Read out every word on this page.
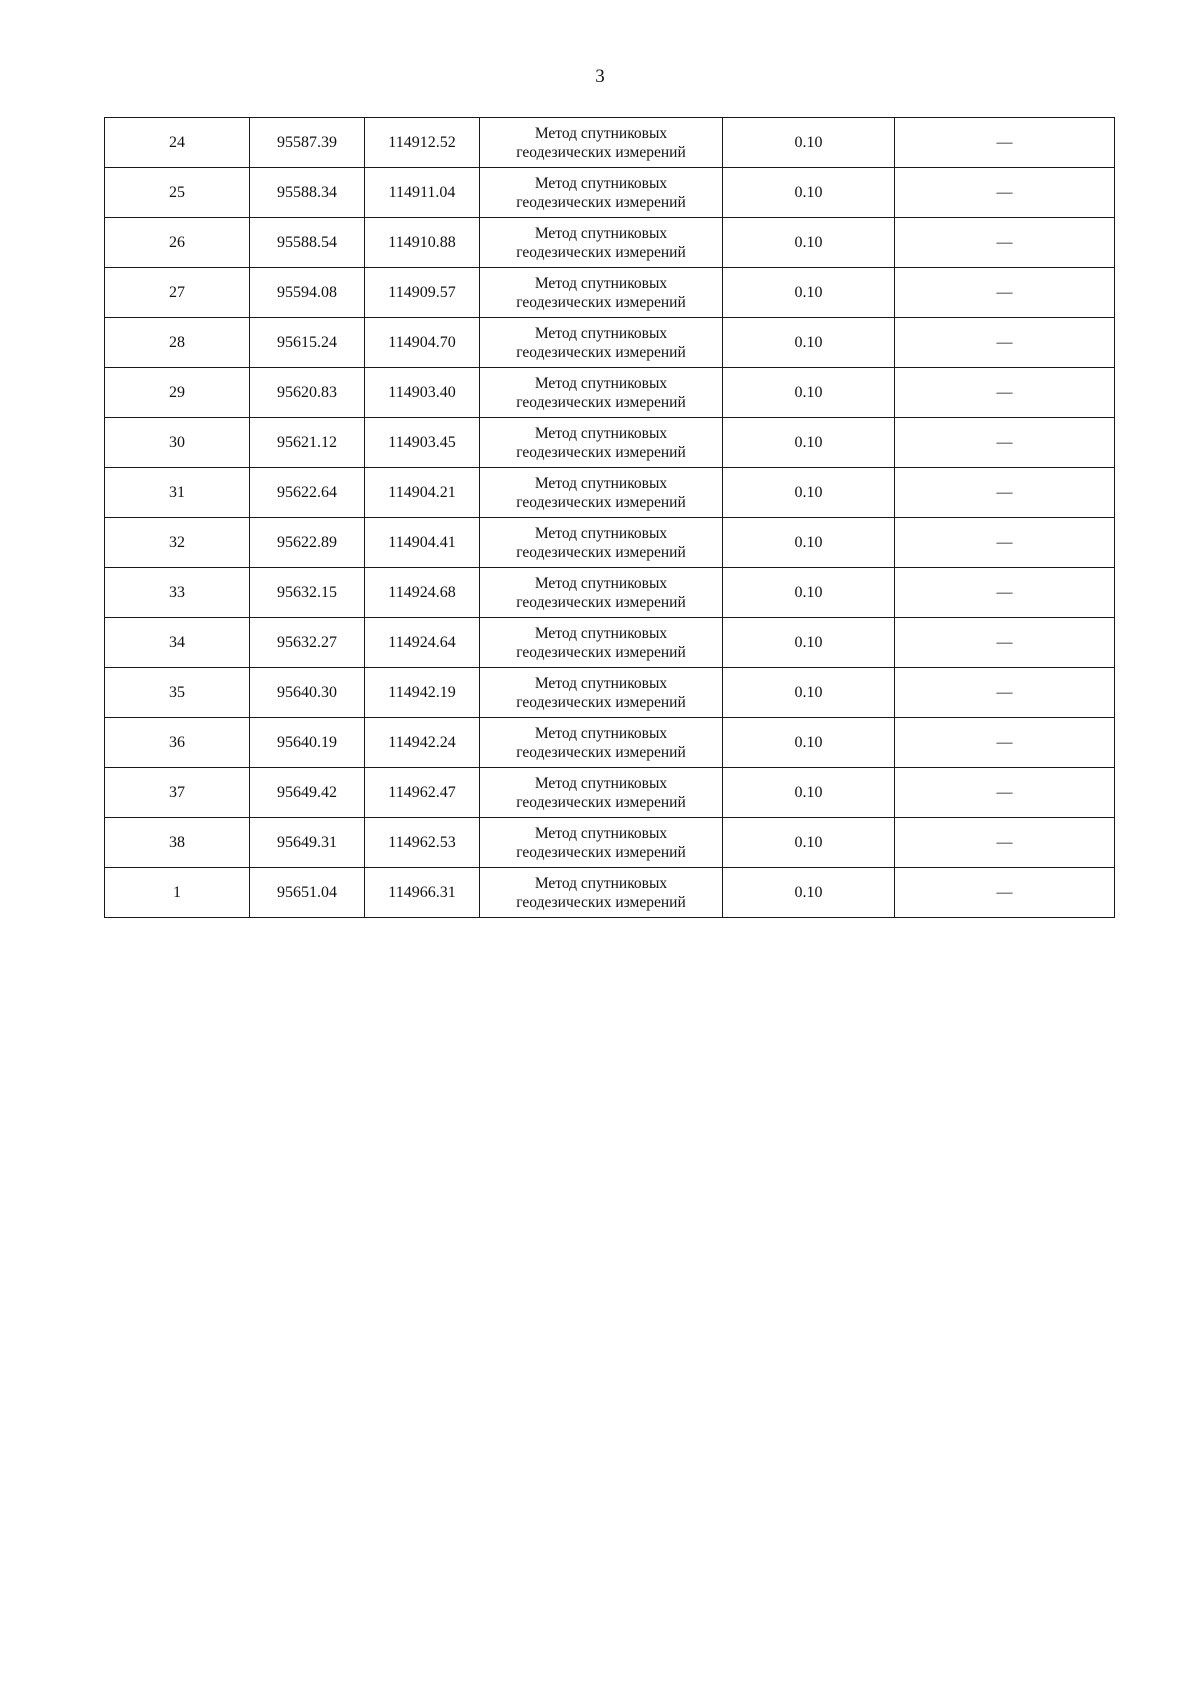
3
24	95587.39	114912.52	Метод спутниковых
геодезических измерений	0.10	—
25	95588.34	114911.04	Метод спутниковых
геодезических измерений	0.10	—
26	95588.54	114910.88	Метод спутниковых
геодезических измерений	0.10	—
27	95594.08	114909.57	Метод спутниковых
геодезических измерений	0.10	—
28	95615.24	114904.70	Метод спутниковых
геодезических измерений	0.10	—
29	95620.83	114903.40	Метод спутниковых
геодезических измерений	0.10	—
30	95621.12	114903.45	Метод спутниковых
геодезических измерений	0.10	—
31	95622.64	114904.21	Метод спутниковых
геодезических измерений	0.10	—
32	95622.89	114904.41	Метод спутниковых
геодезических измерений	0.10	—
33	95632.15	114924.68	Метод спутниковых
геодезических измерений	0.10	—
34	95632.27	114924.64	Метод спутниковых
геодезических измерений	0.10	—
35	95640.30	114942.19	Метод спутниковых
геодезических измерений	0.10	—
36	95640.19	114942.24	Метод спутниковых
геодезических измерений	0.10	—
37	95649.42	114962.47	Метод спутниковых
геодезических измерений	0.10	—
38	95649.31	114962.53	Метод спутниковых
геодезических измерений	0.10	—
1	95651.04	114966.31	Метод спутниковых
геодезических измерений	0.10	—
